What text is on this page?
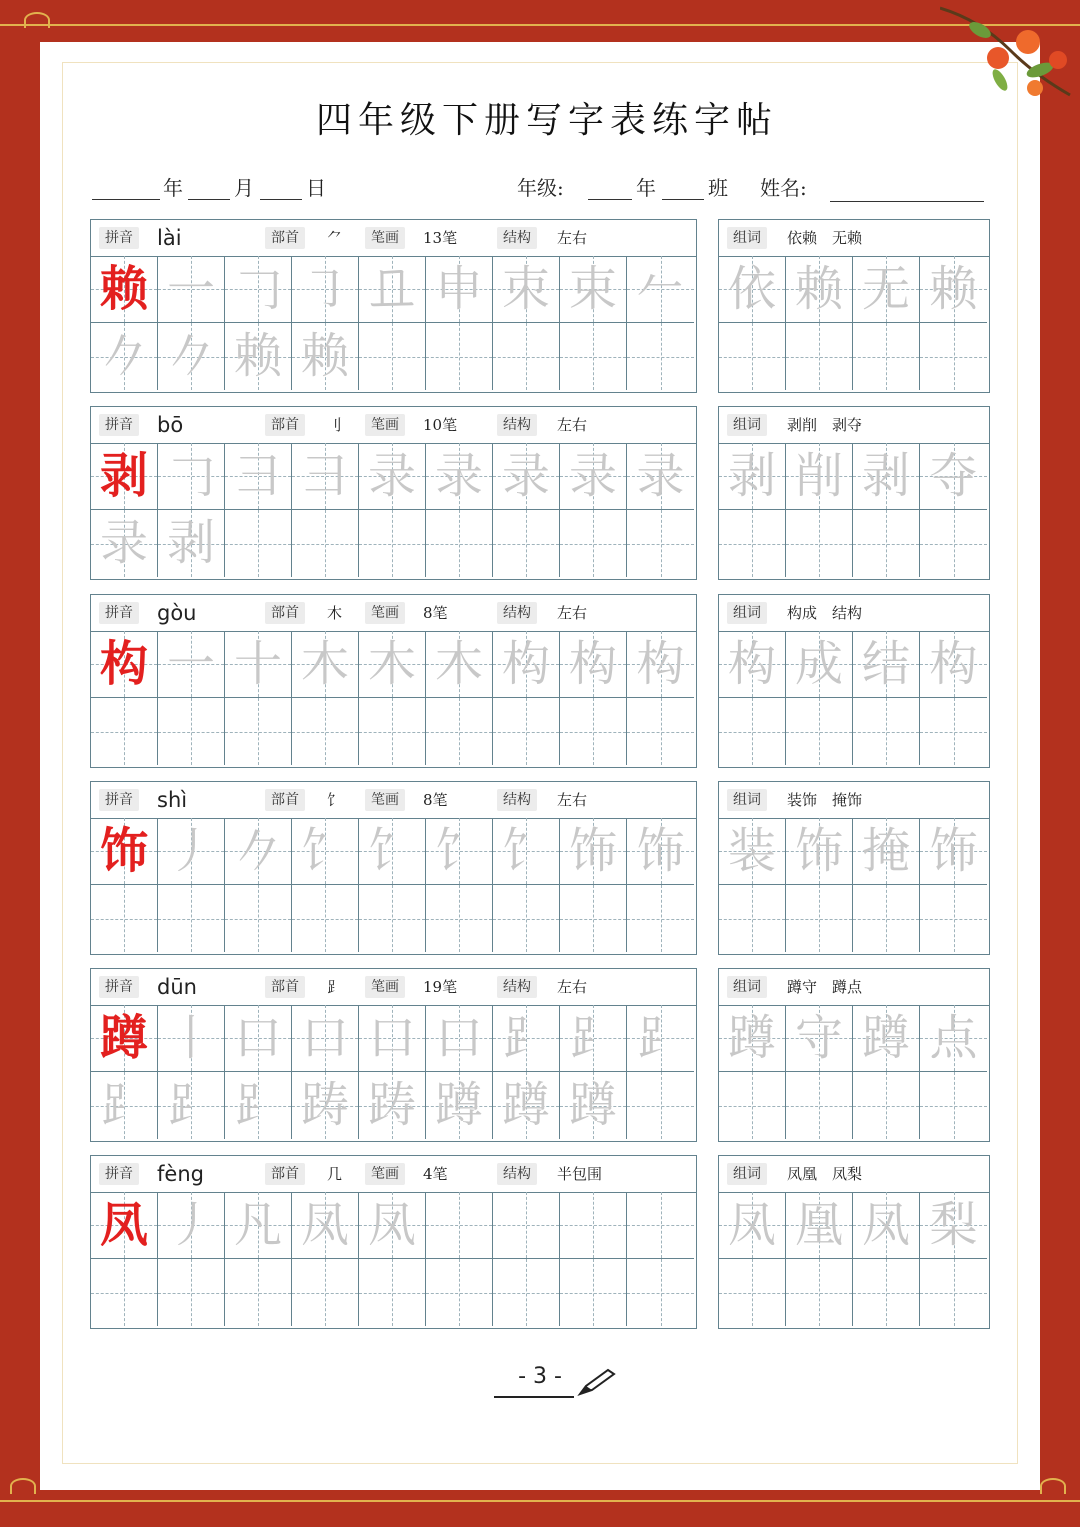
四年级下册写字表练字帖
年	月	日	年级:	年	班 姓名:
拼音 lài	部首	⺈	笔画	13笔	结构	左右
赖 一 𠃌 ㇆ 𠀃 申 朿 束 𠂉
𠂊 𠂊 赖 赖
组词	依赖　无赖
依 赖 无 赖
拼音 bō	部首	刂	笔画	10笔	结构	左右
剥 𠃌 彐 彐 录 录 录 录 录
录 剥
组词	剥削　剥夺
剥 削 剥 夺
拼音 gòu	部首	木	笔画	8笔	结构	左右
构 一 十 木 木 木 构 构 构
组词	构成　结构
构 成 结 构
拼音 shì	部首	饣	笔画	8笔	结构	左右
饰 丿 𠂊 饣 饣 饣 饣 饰 饰
组词	装饰　掩饰
装 饰 掩 饰
拼音 dūn	部首	⻊	笔画	19笔	结构	左右
蹲 丨 口 口 口 口 ⻊ ⻊ ⻊
⻊ ⻊ ⻊ 踌 踌 蹲 蹲 蹲
组词	蹲守　蹲点
蹲 守 蹲 点
拼音 fèng	部首	几	笔画	4笔	结构	半包围
凤 丿 凡 凤 凤
组词	凤凰　凤梨
凤 凰 凤 梨
- 3 -
